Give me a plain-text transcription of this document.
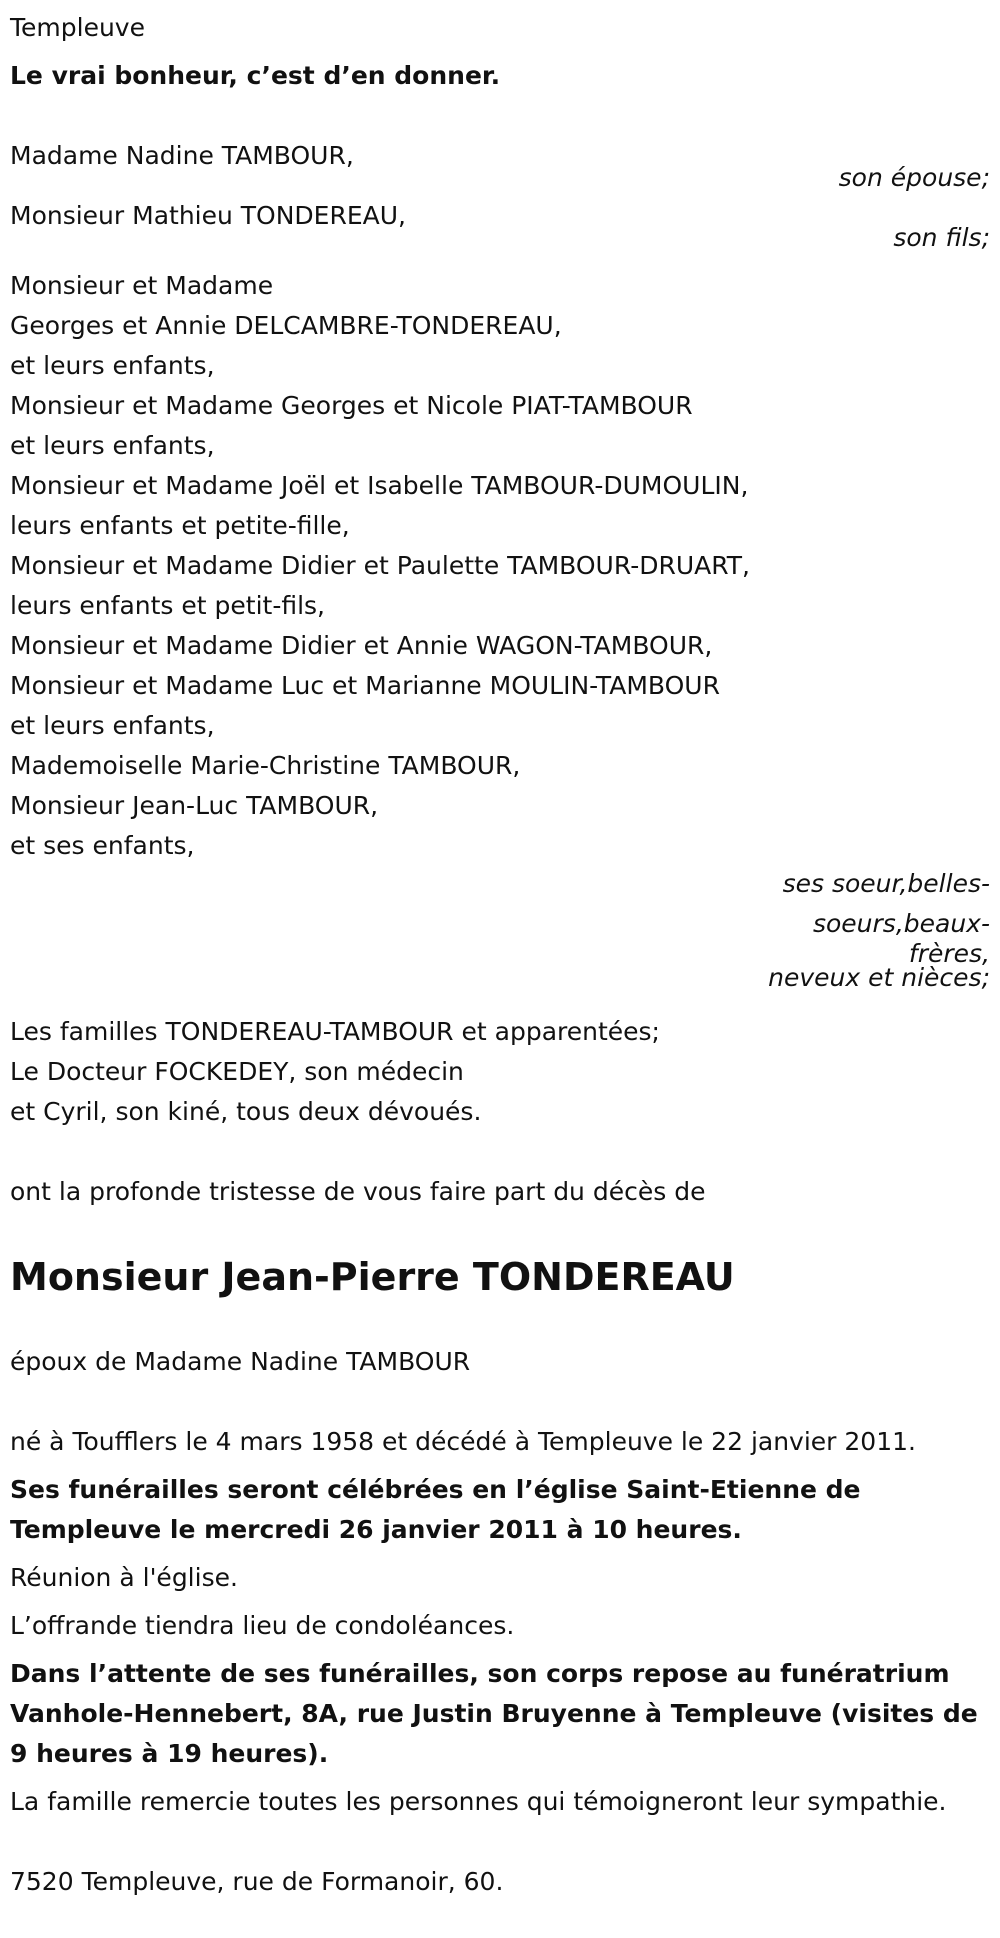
Templeuve
Le vrai bonheur, c’est d’en donner.
Madame Nadine TAMBOUR,
son épouse;
Monsieur Mathieu TONDEREAU,
son fils;
Monsieur et Madame
Georges et Annie DELCAMBRE-TONDEREAU,
et leurs enfants,
Monsieur et Madame Georges et Nicole PIAT-TAMBOUR
et leurs enfants,
Monsieur et Madame Joël et Isabelle TAMBOUR-DUMOULIN,
leurs enfants et petite-fille,
Monsieur et Madame Didier et Paulette TAMBOUR-DRUART,
leurs enfants et petit-fils,
Monsieur et Madame Didier et Annie WAGON-TAMBOUR,
Monsieur et Madame Luc et Marianne MOULIN-TAMBOUR
et leurs enfants,
Mademoiselle Marie-Christine TAMBOUR,
Monsieur Jean-Luc TAMBOUR,
et ses enfants,
ses soeur,belles-
soeurs,beaux-
frères,
neveux et nièces;
Les familles TONDEREAU-TAMBOUR et apparentées;
Le Docteur FOCKEDEY, son médecin
et Cyril, son kiné, tous deux dévoués.
ont la profonde tristesse de vous faire part du décès de
Monsieur Jean-Pierre TONDEREAU
époux de Madame Nadine TAMBOUR
né à Toufflers le 4 mars 1958 et décédé à Templeuve le 22 janvier 2011.
Ses funérailles seront célébrées en l’église Saint-Etienne de Templeuve le mercredi 26 janvier 2011 à 10 heures.
Réunion à l'église.
L’offrande tiendra lieu de condoléances.
Dans l’attente de ses funérailles, son corps repose au funératrium Vanhole-Hennebert, 8A, rue Justin Bruyenne à Templeuve (visites de 9 heures à 19 heures).
La famille remercie toutes les personnes qui témoigneront leur sympathie.
7520 Templeuve, rue de Formanoir, 60.
